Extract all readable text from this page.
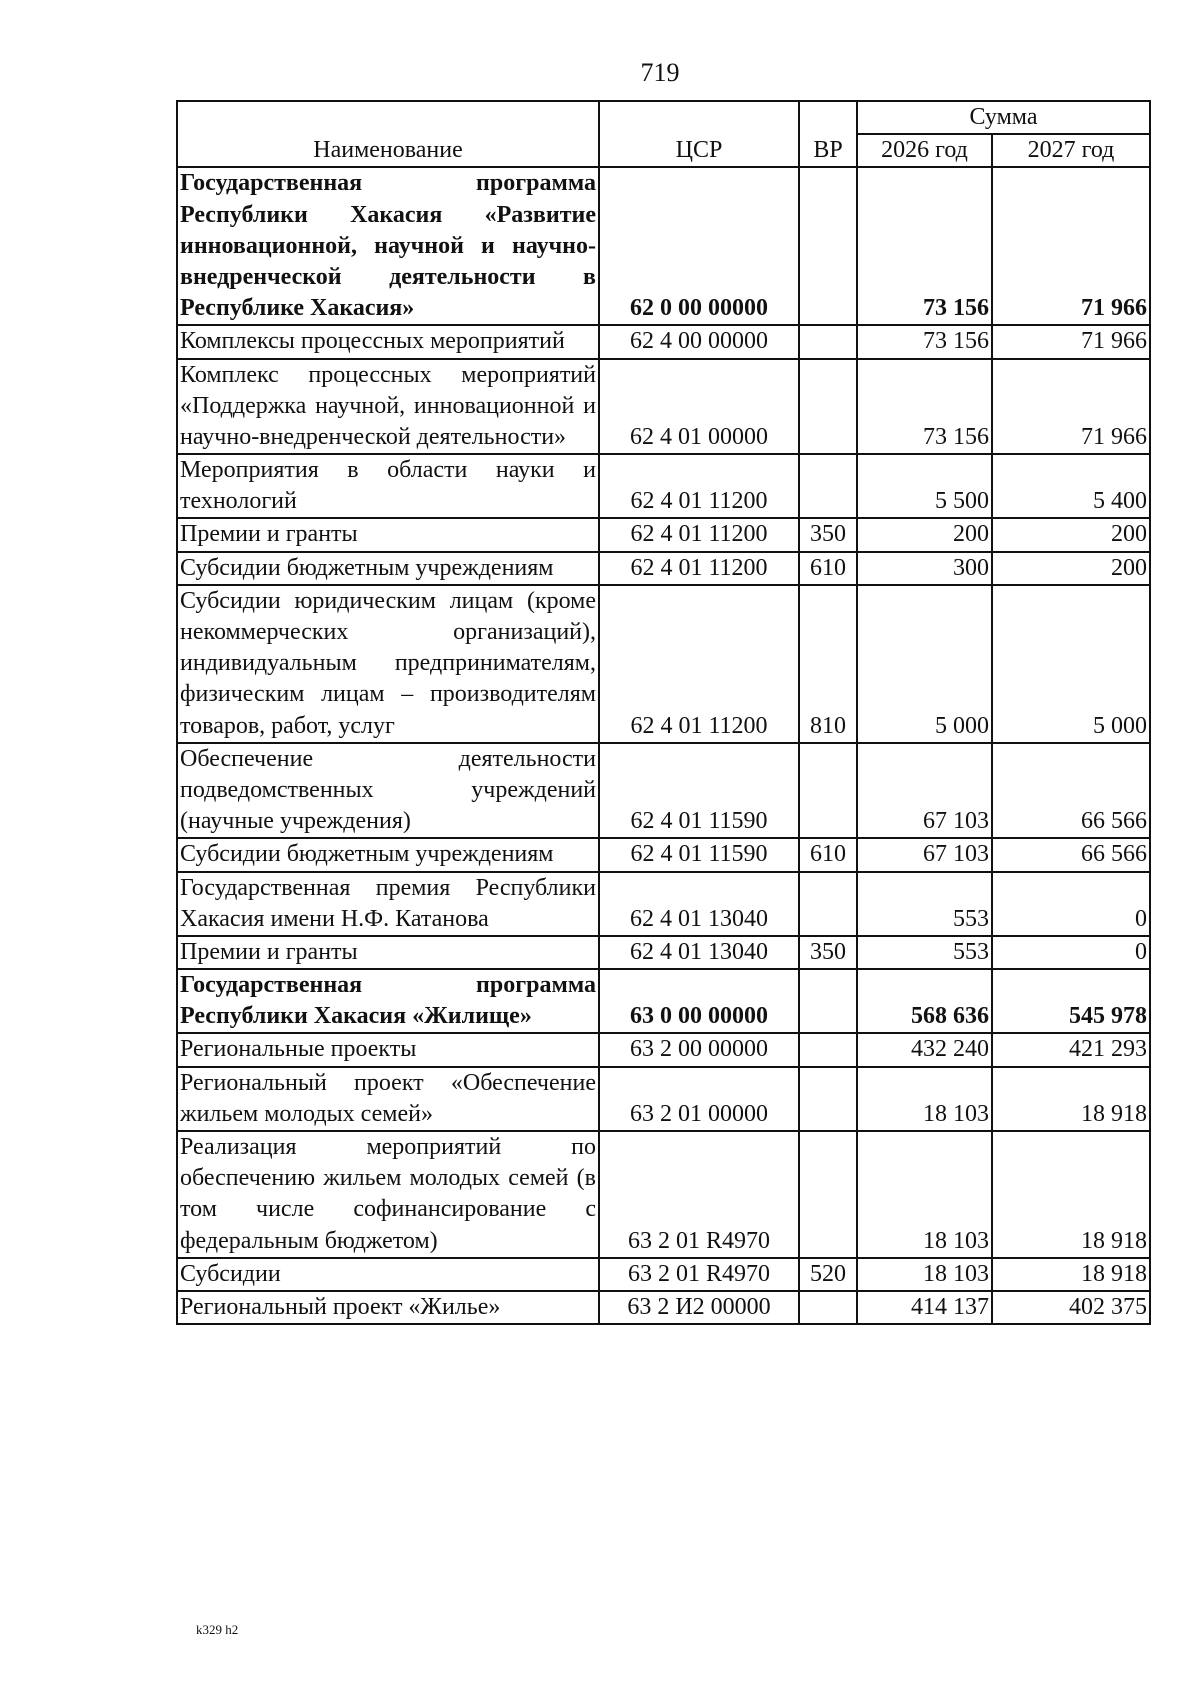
719
Наименование	ЦСР	ВР	Сумма	
			2026 год	2027 год
Государственная программа Республики Хакасия «Развитие инновационной, научной и научно-внедренческой деятельности в Республике Хакасия»	62 0 00 00000		73 156	71 966
Комплексы процессных мероприятий	62 4 00 00000		73 156	71 966
Комплекс процессных мероприятий «Поддержка научной, инновационной и научно-внедренческой деятельности»	62 4 01 00000		73 156	71 966
Мероприятия в области науки и технологий	62 4 01 11200		5 500	5 400
Премии и гранты	62 4 01 11200	350	200	200
Субсидии бюджетным учреждениям	62 4 01 11200	610	300	200
Субсидии юридическим лицам (кроме некоммерческих организаций), индивидуальным предпринимателям, физическим лицам – производителям товаров, работ, услуг	62 4 01 11200	810	5 000	5 000
Обеспечение деятельности подведомственных учреждений (научные учреждения)	62 4 01 11590		67 103	66 566
Субсидии бюджетным учреждениям	62 4 01 11590	610	67 103	66 566
Государственная премия Республики Хакасия имени Н.Ф. Катанова	62 4 01 13040		553	0
Премии и гранты	62 4 01 13040	350	553	0
Государственная программа Республики Хакасия «Жилище»	63 0 00 00000		568 636	545 978
Региональные проекты	63 2 00 00000		432 240	421 293
Региональный проект «Обеспечение жильем молодых семей»	63 2 01 00000		18 103	18 918
Реализация мероприятий по обеспечению жильем молодых семей (в том числе софинансирование с федеральным бюджетом)	63 2 01 R4970		18 103	18 918
Субсидии	63 2 01 R4970	520	18 103	18 918
Региональный проект «Жилье»	63 2 И2 00000		414 137	402 375
k329 h2
